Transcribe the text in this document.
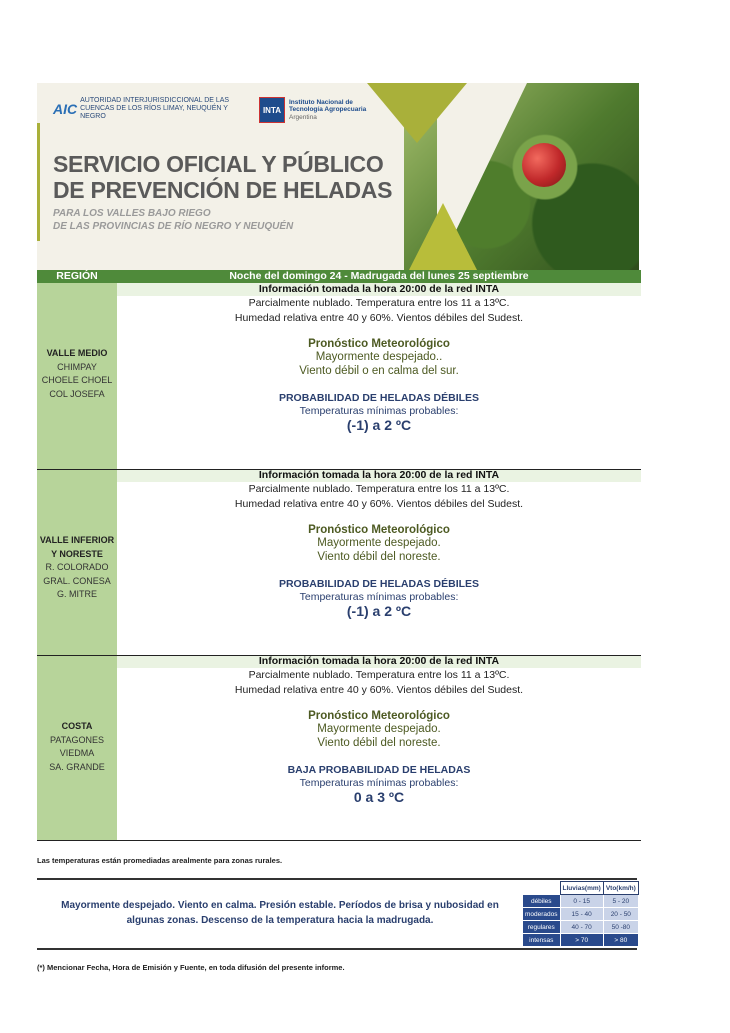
AIC
AUTORIDAD INTERJURISDICCIONAL DE LAS CUENCAS DE LOS RÍOS LIMAY, NEUQUÉN Y NEGRO
INTA
Instituto Nacional de Tecnología Agropecuaria
Argentina
SERVICIO OFICIAL Y PÚBLICO
DE PREVENCIÓN DE HELADAS
PARA LOS VALLES BAJO RIEGO
DE LAS PROVINCIAS DE RÍO NEGRO Y NEUQUÉN
REGIÓN	Noche del domingo 24 - Madrugada del lunes 25 septiembre
VALLE MEDIO
CHIMPAY
CHOELE CHOEL
COL JOSEFA
Información tomada la hora 20:00 de la red INTA
Parcialmente nublado. Temperatura entre los 11 a 13ºC.
Humedad relativa entre 40 y 60%. Vientos débiles del Sudest.
Pronóstico Meteorológico
Mayormente despejado..
Viento débil o en calma del sur.
PROBABILIDAD DE HELADAS DÉBILES
Temperaturas mínimas probables:
(-1) a 2 ºC
VALLE INFERIOR
Y NORESTE
R. COLORADO
GRAL. CONESA
G. MITRE
Información tomada la hora 20:00 de la red INTA
Parcialmente nublado. Temperatura entre los 11 a 13ºC.
Humedad relativa entre 40 y 60%. Vientos débiles del Sudest.
Pronóstico Meteorológico
Mayormente despejado.
Viento débil del noreste.
PROBABILIDAD DE HELADAS DÉBILES
Temperaturas mínimas probables:
(-1) a 2 ºC
COSTA
PATAGONES
VIEDMA
SA. GRANDE
Información tomada la hora 20:00 de la red INTA
Parcialmente nublado. Temperatura entre los 11 a 13ºC.
Humedad relativa entre 40 y 60%. Vientos débiles del Sudest.
Pronóstico Meteorológico
Mayormente despejado.
Viento débil del noreste.
BAJA PROBABILIDAD DE HELADAS
Temperaturas mínimas probables:
0 a 3 ºC
Las temperaturas están promediadas arealmente para zonas rurales.
Mayormente despejado. Viento en calma. Presión estable. Períodos de brisa y nubosidad en algunas zonas. Descenso de la temperatura hacia la madrugada.
	Lluvias(mm)	Vto(km/h)
débiles	0 - 15	5 - 20
moderados	15 - 40	20 - 50
regulares	40 - 70	50 -80
intensas	> 70	> 80
(*) Mencionar Fecha, Hora de Emisión y Fuente, en toda difusión del presente informe.
